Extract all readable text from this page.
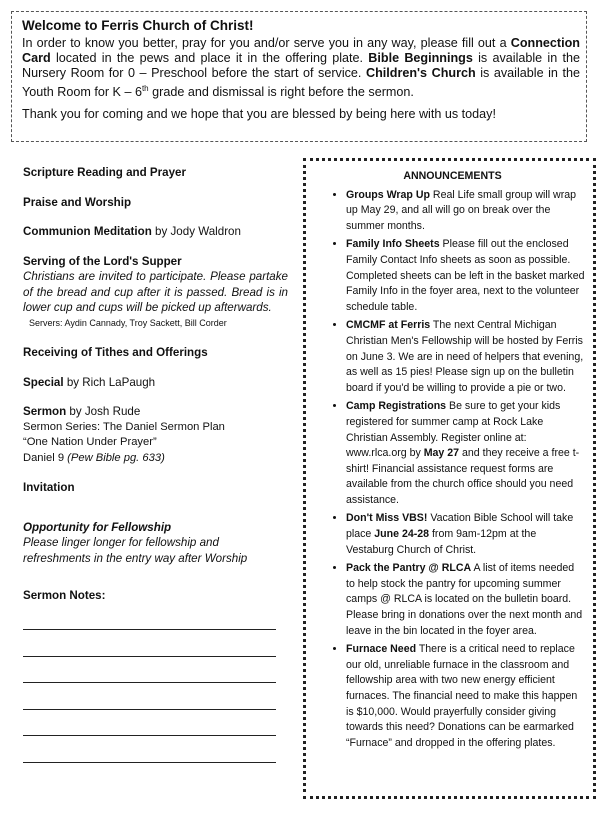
Welcome to Ferris Church of Christ!

In order to know you better, pray for you and/or serve you in any way, please fill out a Connection Card located in the pews and place it in the offering plate. Bible Beginnings is available in the Nursery Room for 0 – Preschool before the start of service. Children's Church is available in the Youth Room for K – 6th grade and dismissal is right before the sermon.

Thank you for coming and we hope that you are blessed by being here with us today!

Scripture Reading and Prayer
Praise and Worship
Communion Meditation by Jody Waldron
Serving of the Lord's Supper
Christians are invited to participate. Please partake of the bread and cup after it is passed. Bread is in lower cup and cups will be picked up afterwards.
Servers: Aydin Cannady, Troy Sackett, Bill Corder
Receiving of Tithes and Offerings
Special by Rich LaPaugh
Sermon by Josh Rude
Sermon Series: The Daniel Sermon Plan
“One Nation Under Prayer”
Daniel 9 (Pew Bible pg. 633)
Invitation
Opportunity for Fellowship
Please linger longer for fellowship and refreshments in the entry way after Worship
Sermon Notes:
ANNOUNCEMENTS
• Groups Wrap Up Real Life small group will wrap up May 29, and all will go on break over the summer months.
• Family Info Sheets Please fill out the enclosed Family Contact Info sheets as soon as possible. Completed sheets can be left in the basket marked Family Info in the foyer area, next to the volunteer schedule table.
• CMCMF at Ferris The next Central Michigan Christian Men's Fellowship will be hosted by Ferris on June 3. We are in need of helpers that evening, as well as 15 pies! Please sign up on the bulletin board if you'd be willing to provide a pie or two.
• Camp Registrations Be sure to get your kids registered for summer camp at Rock Lake Christian Assembly. Register online at: www.rlca.org by May 27 and they receive a free t-shirt! Financial assistance request forms are available from the church office should you need assistance.
• Don't Miss VBS! Vacation Bible School will take place June 24-28 from 9am-12pm at the Vestaburg Church of Christ.
• Pack the Pantry @ RLCA A list of items needed to help stock the pantry for upcoming summer camps @ RLCA is located on the bulletin board. Please bring in donations over the next month and leave in the bin located in the foyer area.
• Furnace Need There is a critical need to replace our old, unreliable furnace in the classroom and fellowship area with two new energy efficient furnaces. The financial need to make this happen is $10,000. Would prayerfully consider giving towards this need? Donations can be earmarked “Furnace” and dropped in the offering plates.
